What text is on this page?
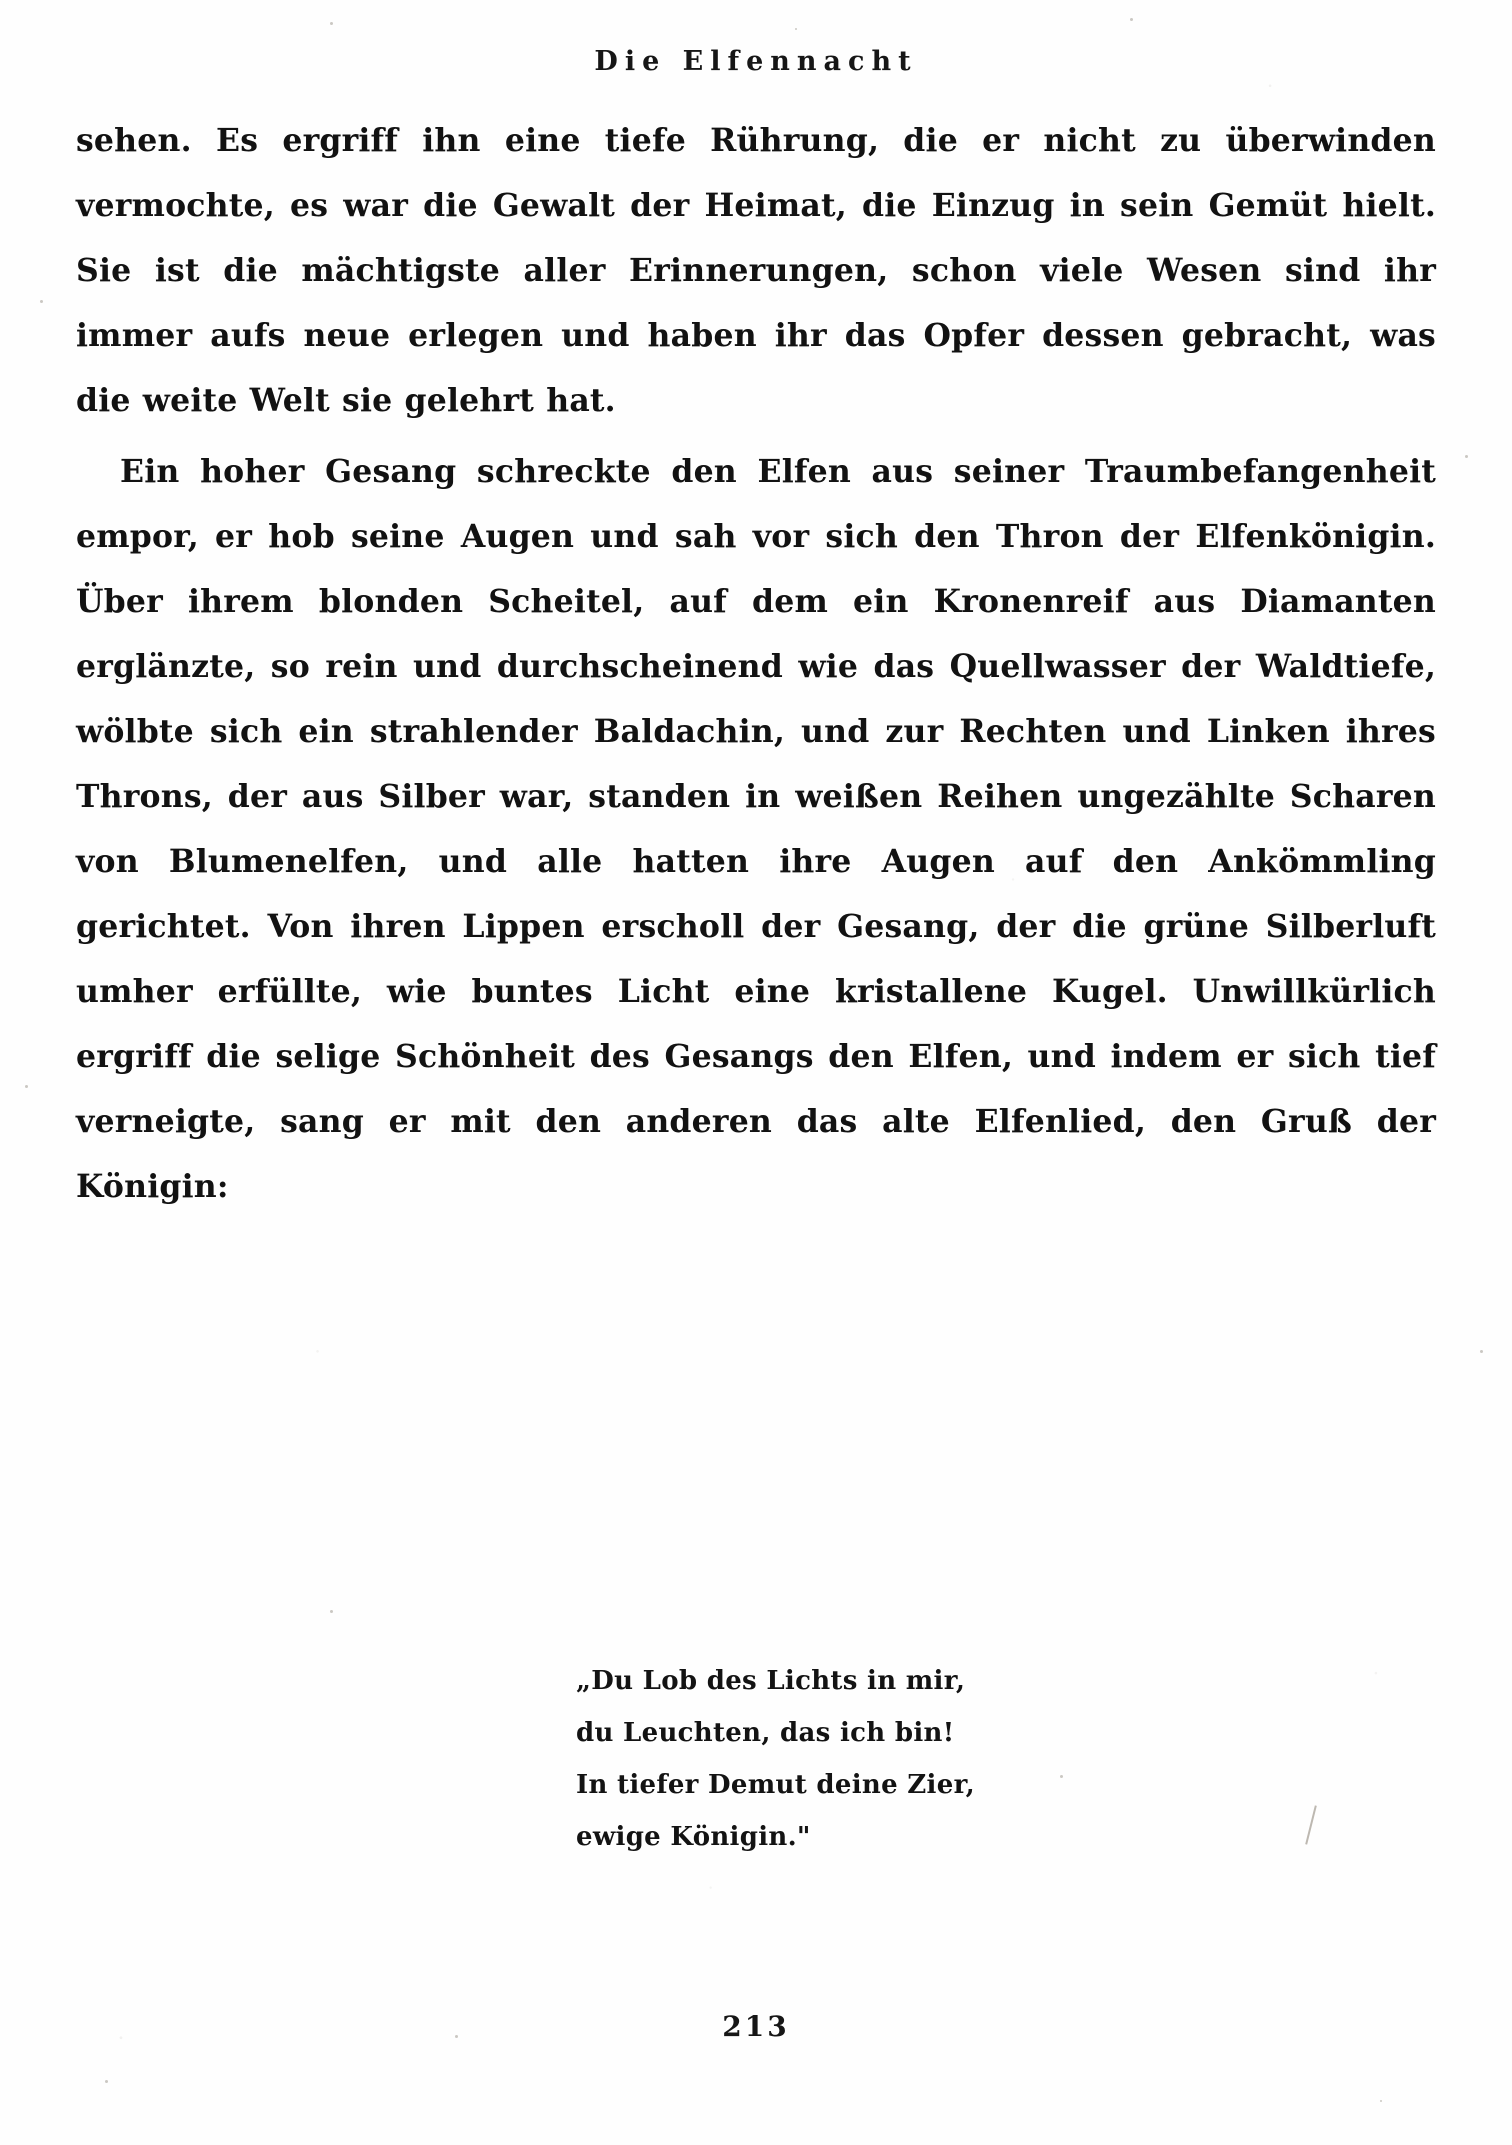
Die Elfennacht

sehen. Es ergriff ihn eine tiefe Rührung, die er nicht zu überwinden vermochte, es war die Gewalt der Heimat, die Einzug in sein Gemüt hielt. Sie ist die mächtigste aller Erinnerungen, schon viele Wesen sind ihr immer aufs neue erlegen und haben ihr das Opfer dessen gebracht, was die weite Welt sie gelehrt hat.

Ein hoher Gesang schreckte den Elfen aus seiner Traumbefangenheit empor, er hob seine Augen und sah vor sich den Thron der Elfenkönigin. Über ihrem blonden Scheitel, auf dem ein Kronenreif aus Diamanten erglänzte, so rein und durchscheinend wie das Quellwasser der Waldtiefe, wölbte sich ein strahlender Baldachin, und zur Rechten und Linken ihres Throns, der aus Silber war, standen in weißen Reihen ungezählte Scharen von Blumenelfen, und alle hatten ihre Augen auf den Ankömmling gerichtet. Von ihren Lippen erscholl der Gesang, der die grüne Silberluft umher erfüllte, wie buntes Licht eine kristallene Kugel. Unwillkürlich ergriff die selige Schönheit des Gesangs den Elfen, und indem er sich tief verneigte, sang er mit den anderen das alte Elfenlied, den Gruß der Königin:

„Du Lob des Lichts in mir,
du Leuchten, das ich bin!
In tiefer Demut deine Zier,
ewige Königin."
213
